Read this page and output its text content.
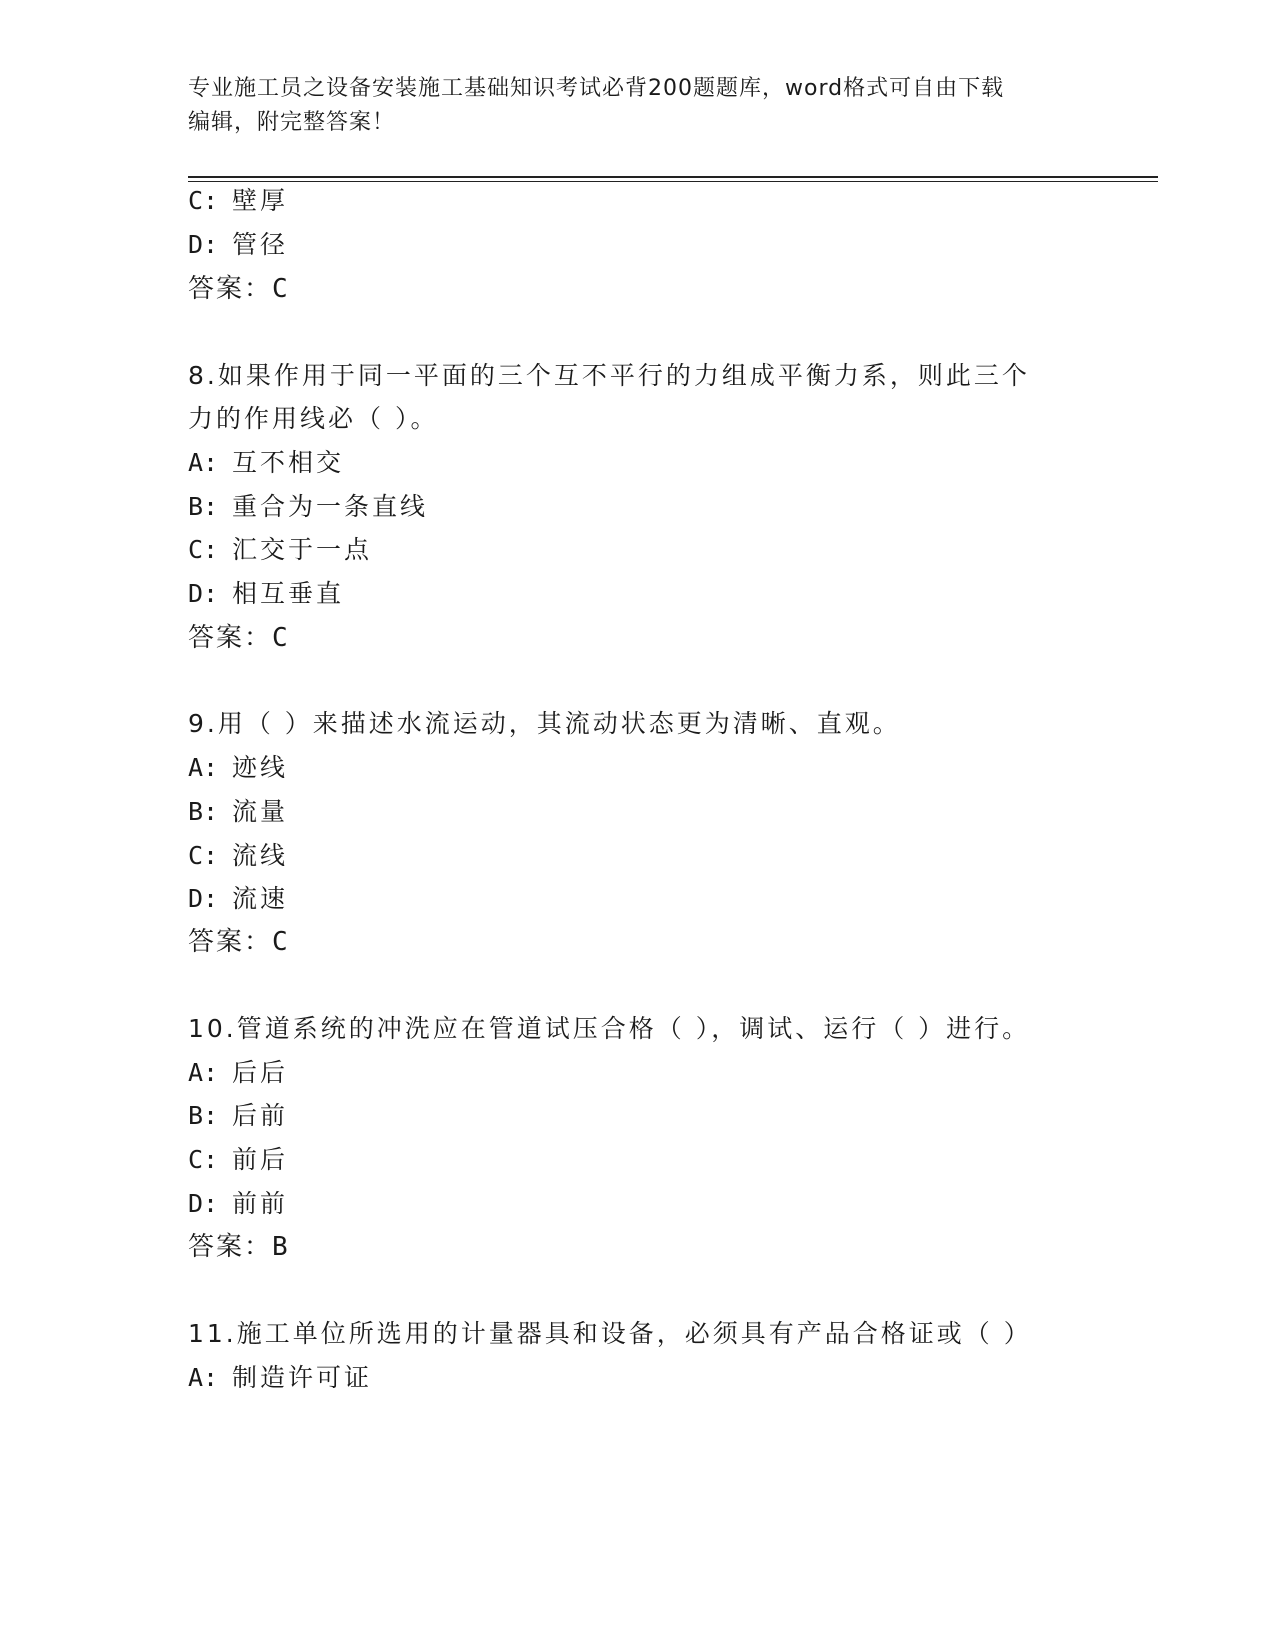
专业施工员之设备安装施工基础知识考试必背200题题库，word格式可自由下载
编辑，附完整答案！
C: 壁厚
D: 管径
答案：C
8.如果作用于同一平面的三个互不平行的力组成平衡力系，则此三个
力的作用线必（ ）。
A: 互不相交
B: 重合为一条直线
C: 汇交于一点
D: 相互垂直
答案：C
9.用（ ）来描述水流运动，其流动状态更为清晰、直观。
A: 迹线
B: 流量
C: 流线
D: 流速
答案：C
10.管道系统的冲洗应在管道试压合格（ ），调试、运行（ ）进行。
A: 后后
B: 后前
C: 前后
D: 前前
答案：B
11.施工单位所选用的计量器具和设备，必须具有产品合格证或（ ）
A: 制造许可证
